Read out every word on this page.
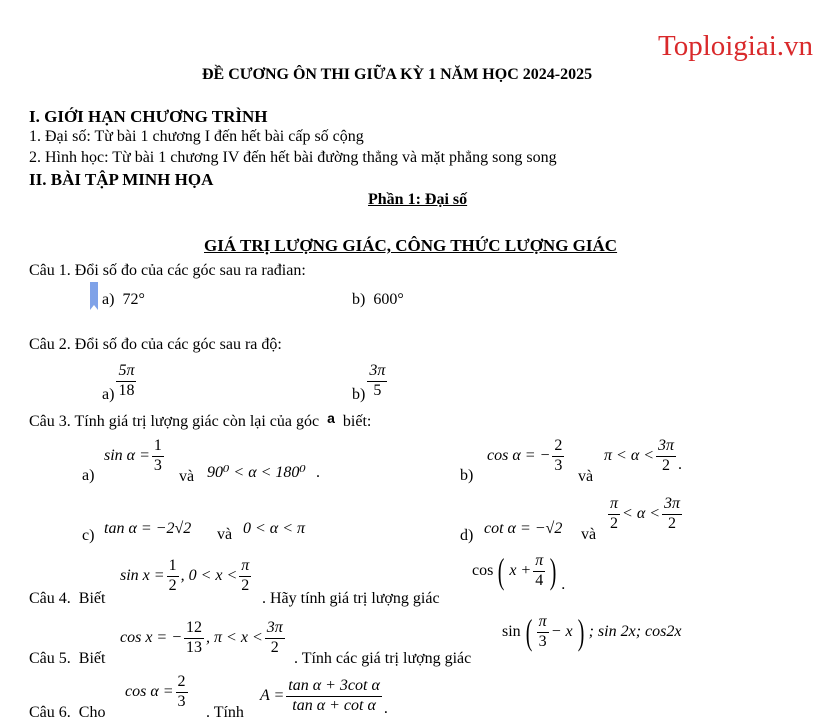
Toploigiai.vn
ĐỀ CƯƠNG ÔN THI GIỮA KỲ 1 NĂM HỌC 2024-2025
I. GIỚI HẠN CHƯƠNG TRÌNH
1. Đại số: Từ bài 1 chương I đến hết bài cấp số cộng
2. Hình học: Từ bài 1 chương IV đến hết bài đường thẳng và mặt phẳng song song
II. BÀI TẬP MINH HỌA
Phần 1: Đại số
GIÁ TRỊ LƯỢNG GIÁC, CÔNG THỨC LƯỢNG GIÁC
Câu 1. Đổi số đo của các góc sau ra rađian:
a) 72°	b) 600°
Câu 2. Đổi số đo của các góc sau ra độ:
$a) \frac{5\pi}{18}$	$b) \frac{3\pi}{5}$
Câu 3. Tính giá trị lượng giác còn lại của góc a biết:
a)
$\sin \alpha = \frac{1}{3}$
và 90⁰ < α < 180⁰ .	b)
cos α = − $\frac{2}{3}$
và
$\pi < \alpha < \frac{3\pi}{2}$ .
c) tan α = −2√2 và 0 < α < π	d) cot α = −√2 và
$\frac{\pi}{2} < \alpha < \frac{3\pi}{2}$
Câu 4. Biết
$\sin x = \frac{1}{2}$ , $0 < x < \frac{\pi}{2}$
. Hãy tính giá trị lượng giác
cos ( $x + \frac{\pi}{4}$ ) .
Câu 5. Biết
cos x = − $\frac{12}{13}$ , $\pi < x < \frac{3\pi}{2}$
. Tính các giá trị lượng giác
sin ( $\frac{\pi}{3} - x$ ) ; sin 2x; cos2x
Câu 6. Cho
$\cos \alpha = \frac{2}{3}$
. Tính
$A = \frac{\text{tan α + 3cot α}}{\text{tan α + cot α}}$ .
